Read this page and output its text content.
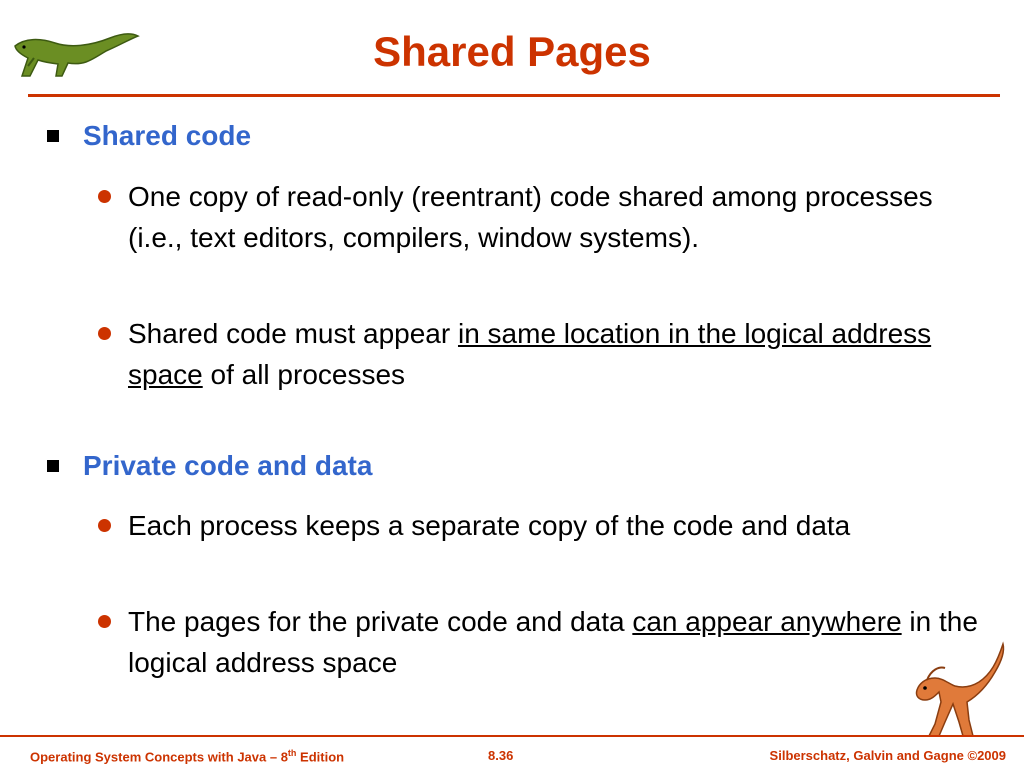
Shared Pages
Shared code
One copy of read-only (reentrant) code shared among processes (i.e., text editors, compilers, window systems).
Shared code must appear in same location in the logical address space of all processes
Private code and data
Each process keeps a separate copy of the code and data
The pages for the private code and data can appear anywhere in the logical address space
Operating System Concepts with Java – 8th Edition	8.36	Silberschatz, Galvin and Gagne ©2009
